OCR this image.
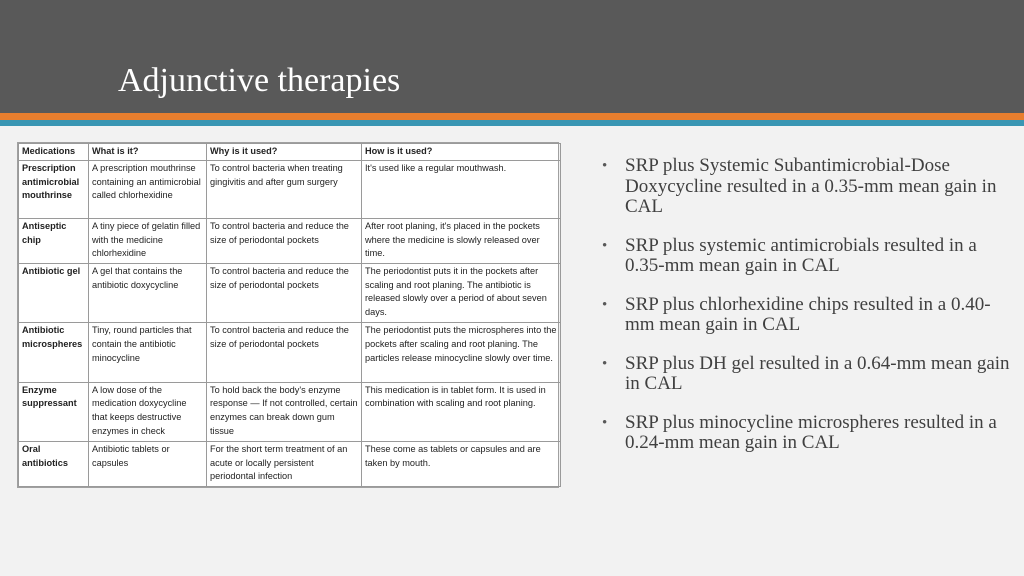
Adjunctive therapies
Medications	What is it?	Why is it used?	How is it used?
Prescription antimicrobial mouthrinse	A prescription mouthrinse containing an antimicrobial called chlorhexidine	To control bacteria when treating gingivitis and after gum surgery	It's used like a regular mouthwash.
Antiseptic chip	A tiny piece of gelatin filled with the medicine chlorhexidine	To control bacteria and reduce the size of periodontal pockets	After root planing, it's placed in the pockets where the medicine is slowly released over time.
Antibiotic gel	A gel that contains the antibiotic doxycycline	To control bacteria and reduce the size of periodontal pockets	The periodontist puts it in the pockets after scaling and root planing. The antibiotic is released slowly over a period of about seven days.
Antibiotic microspheres	Tiny, round particles that contain the antibiotic minocycline	To control bacteria and reduce the size of periodontal pockets	The periodontist puts the microspheres into the pockets after scaling and root planing. The particles release minocycline slowly over time.
Enzyme suppressant	A low dose of the medication doxycycline that keeps destructive enzymes in check	To hold back the body's enzyme response — If not controlled, certain enzymes can break down gum tissue	This medication is in tablet form. It is used in combination with scaling and root planing.
Oral antibiotics	Antibiotic tablets or capsules	For the short term treatment of an acute or locally persistent periodontal infection	These come as tablets or capsules and are taken by mouth.
• SRP plus Systemic Subantimicrobial-Dose Doxycycline resulted in a 0.35-mm mean gain in CAL
• SRP plus systemic antimicrobials resulted in a 0.35-mm mean gain in CAL
• SRP plus chlorhexidine chips resulted in a 0.40-mm mean gain in CAL
• SRP plus DH gel resulted in a 0.64-mm mean gain in CAL
• SRP plus minocycline microspheres resulted in a 0.24-mm mean gain in CAL
